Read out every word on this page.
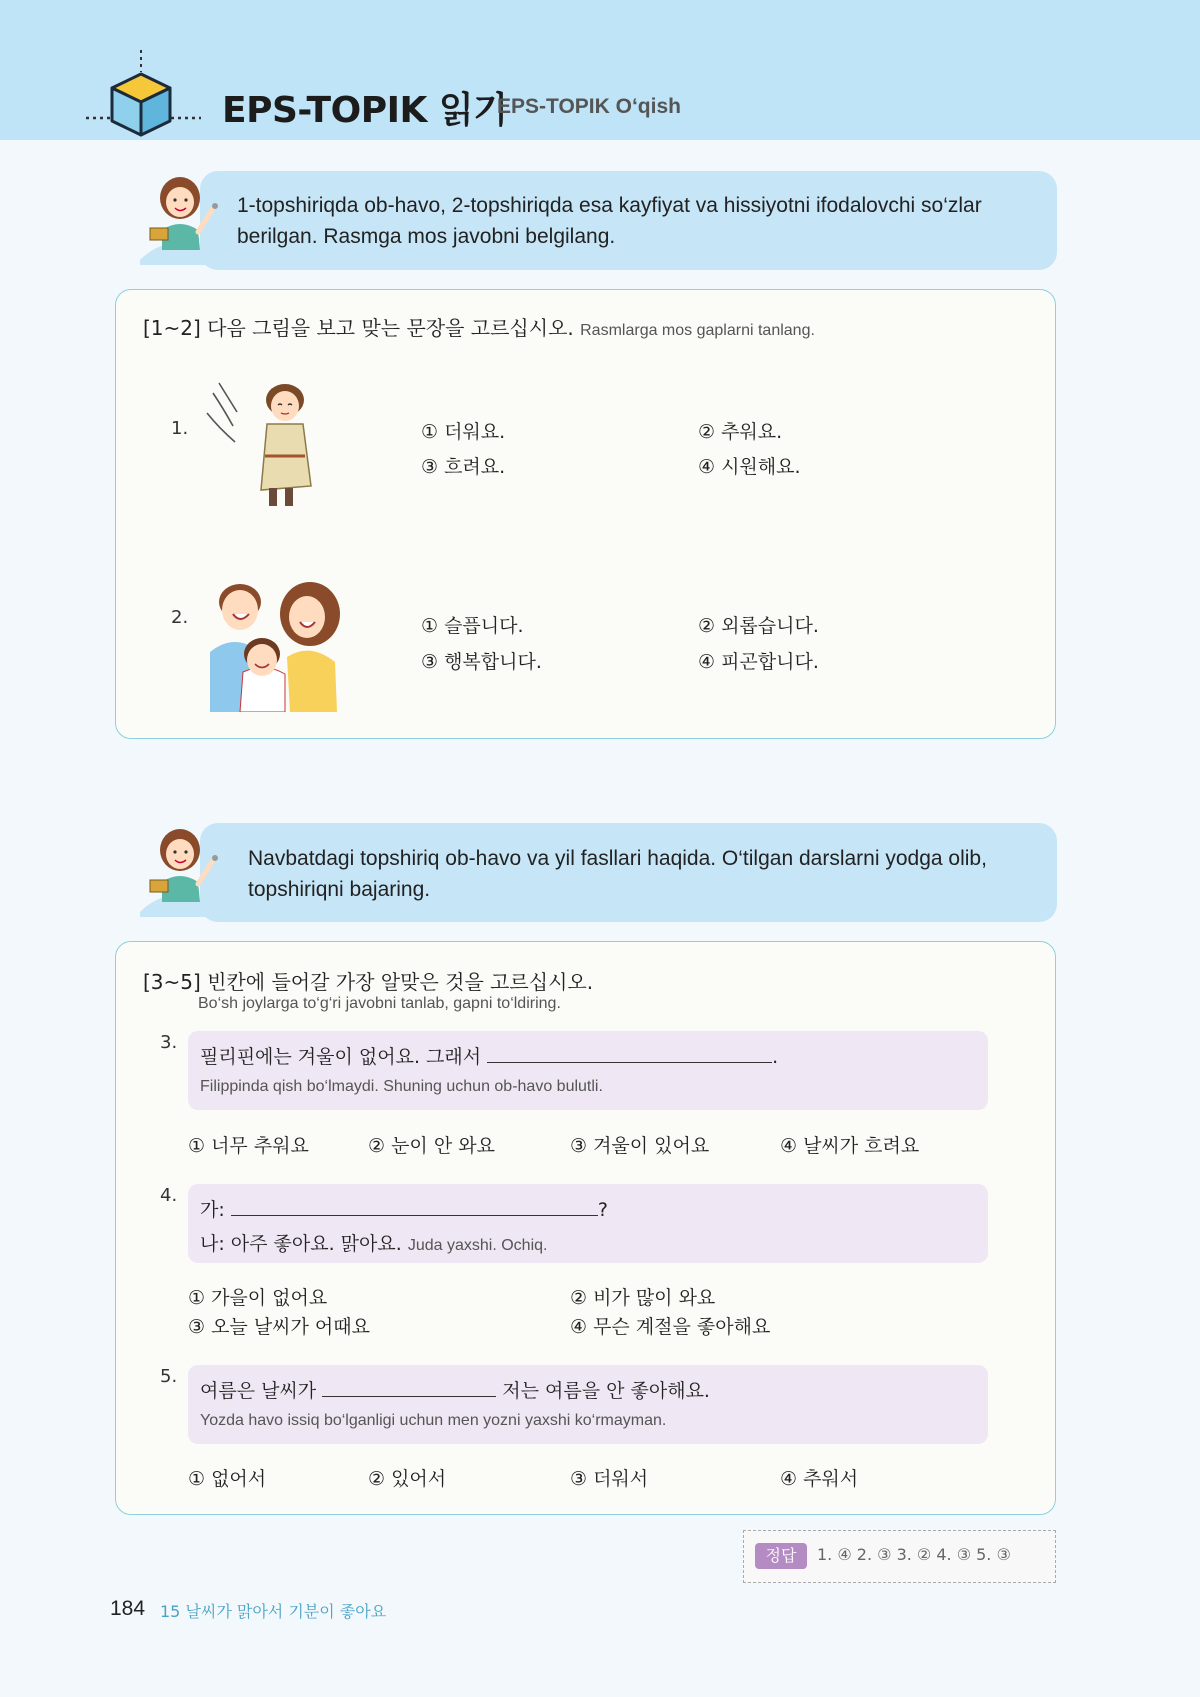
EPS-TOPIK 읽기
EPS-TOPIK O‘qish
1-topshiriqda ob-havo, 2-topshiriqda esa kayfiyat va hissiyotni ifodalovchi so‘zlar
berilgan. Rasmga mos javobni belgilang.
[1~2] 다음 그림을 보고 맞는 문장을 고르십시오. Rasmlarga mos gaplarni tanlang.
1.	① 더워요.	② 추워요.
③ 흐려요.	④ 시원해요.
2.	① 슬픕니다.	② 외롭습니다.
③ 행복합니다.	④ 피곤합니다.
Navbatdagi topshiriq ob-havo va yil fasllari haqida. O‘tilgan darslarni yodga olib,
topshiriqni bajaring.
[3~5] 빈칸에 들어갈 가장 알맞은 것을 고르십시오.
Bo‘sh joylarga to‘g‘ri javobni tanlab, gapni to‘ldiring.
3.
필리핀에는 겨울이 없어요. 그래서	.
Filippinda qish bo‘lmaydi. Shuning uchun ob-havo bulutli.
① 너무 추워요	② 눈이 안 와요	③ 겨울이 있어요	④ 날씨가 흐려요
4.
가:	?
나: 아주 좋아요. 맑아요. Juda yaxshi. Ochiq.
① 가을이 없어요	② 비가 많이 와요
③ 오늘 날씨가 어때요	④ 무슨 계절을 좋아해요
5.
여름은 날씨가	저는 여름을 안 좋아해요.
Yozda havo issiq bo‘lganligi uchun men yozni yaxshi ko‘rmayman.
① 없어서	② 있어서	③ 더워서	④ 추워서
정답	1. ④ 2. ③ 3. ② 4. ③ 5. ③
184 15 날씨가 맑아서 기분이 좋아요
